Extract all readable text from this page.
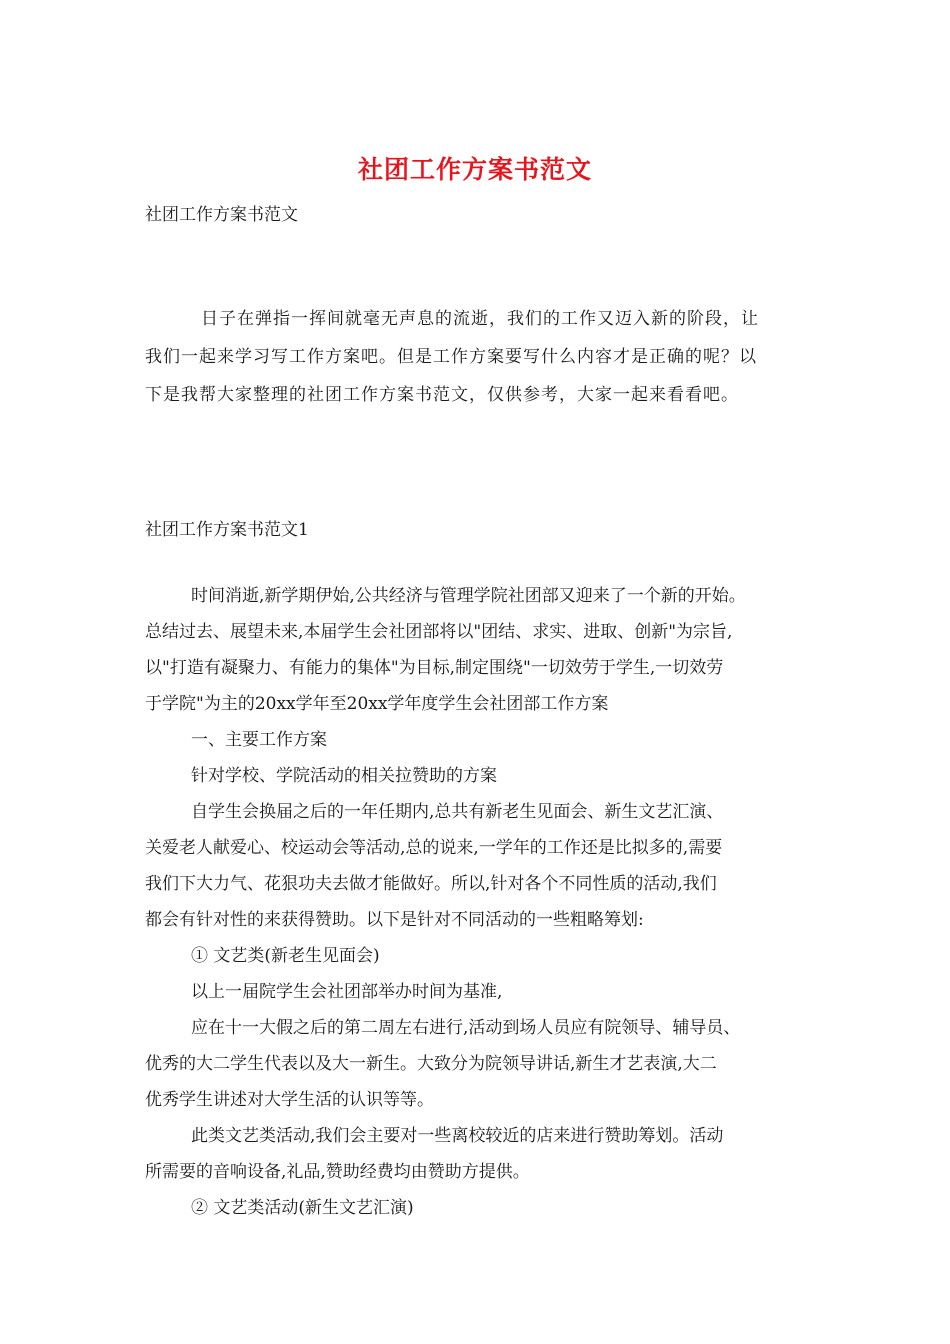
社团工作方案书范文
社团工作方案书范文
日子在弹指一挥间就毫无声息的流逝，我们的工作又迈入新的阶段，让
我们一起来学习写工作方案吧。但是工作方案要写什么内容才是正确的呢？以
下是我帮大家整理的社团工作方案书范文，仅供参考，大家一起来看看吧。
社团工作方案书范文1
时间消逝,新学期伊始,公共经济与管理学院社团部又迎来了一个新的开始。
总结过去、展望未来,本届学生会社团部将以"团结、求实、进取、创新"为宗旨,
以"打造有凝聚力、有能力的集体"为目标,制定围绕"一切效劳于学生,一切效劳
于学院"为主的20xx学年至20xx学年度学生会社团部工作方案
一、主要工作方案
针对学校、学院活动的相关拉赞助的方案
自学生会换届之后的一年任期内,总共有新老生见面会、新生文艺汇演、
关爱老人献爱心、校运动会等活动,总的说来,一学年的工作还是比拟多的,需要
我们下大力气、花狠功夫去做才能做好。所以,针对各个不同性质的活动,我们
都会有针对性的来获得赞助。以下是针对不同活动的一些粗略筹划:
① 文艺类(新老生见面会)
以上一届院学生会社团部举办时间为基准,
应在十一大假之后的第二周左右进行,活动到场人员应有院领导、辅导员、
优秀的大二学生代表以及大一新生。大致分为院领导讲话,新生才艺表演,大二
优秀学生讲述对大学生活的认识等等。
此类文艺类活动,我们会主要对一些离校较近的店来进行赞助筹划。活动
所需要的音响设备,礼品,赞助经费均由赞助方提供。
② 文艺类活动(新生文艺汇演)
